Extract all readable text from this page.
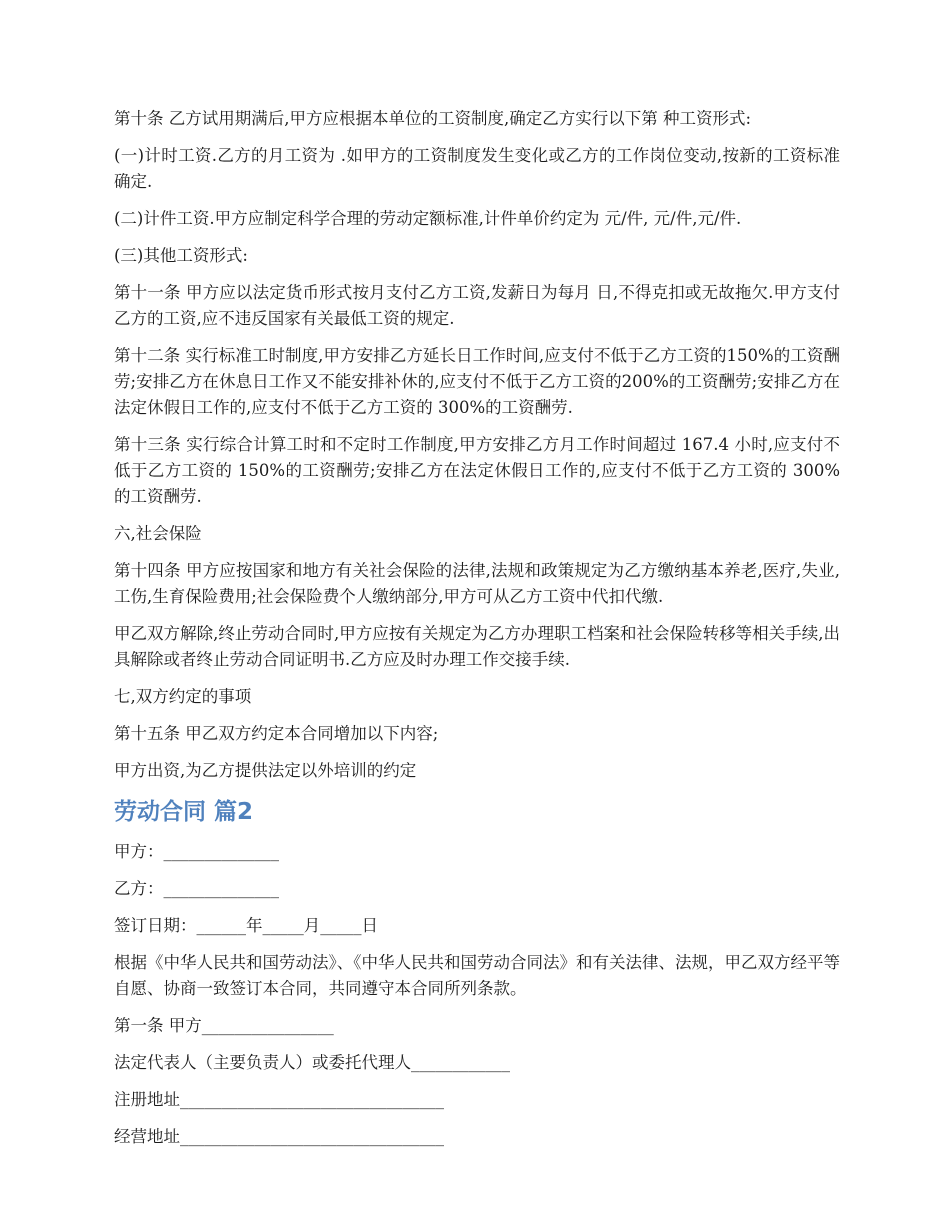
第十条 乙方试用期满后,甲方应根据本单位的工资制度,确定乙方实行以下第 种工资形式:

(一)计时工资.乙方的月工资为 .如甲方的工资制度发生变化或乙方的工作岗位变动,按新的工资标准确定.

(二)计件工资.甲方应制定科学合理的劳动定额标准,计件单价约定为 元/件, 元/件,元/件.

(三)其他工资形式:

第十一条 甲方应以法定货币形式按月支付乙方工资,发薪日为每月 日,不得克扣或无故拖欠.甲方支付乙方的工资,应不违反国家有关最低工资的规定.

第十二条 实行标准工时制度,甲方安排乙方延长日工作时间,应支付不低于乙方工资的150%的工资酬劳;安排乙方在休息日工作又不能安排补休的,应支付不低于乙方工资的200%的工资酬劳;安排乙方在法定休假日工作的,应支付不低于乙方工资的 300%的工资酬劳.

第十三条 实行综合计算工时和不定时工作制度,甲方安排乙方月工作时间超过 167.4 小时,应支付不低于乙方工资的 150%的工资酬劳;安排乙方在法定休假日工作的,应支付不低于乙方工资的 300%的工资酬劳.

六,社会保险

第十四条 甲方应按国家和地方有关社会保险的法律,法规和政策规定为乙方缴纳基本养老,医疗,失业,工伤,生育保险费用;社会保险费个人缴纳部分,甲方可从乙方工资中代扣代缴.

甲乙双方解除,终止劳动合同时,甲方应按有关规定为乙方办理职工档案和社会保险转移等相关手续,出具解除或者终止劳动合同证明书.乙方应及时办理工作交接手续.

七,双方约定的事项

第十五条 甲乙双方约定本合同增加以下内容;

甲方出资,为乙方提供法定以外培训的约定

劳动合同 篇2

甲方：______________

乙方：______________

签订日期：______年_____月_____日

根据《中华人民共和国劳动法》、《中华人民共和国劳动合同法》和有关法律、法规，甲乙双方经平等自愿、协商一致签订本合同，共同遵守本合同所列条款。

第一条 甲方________________

法定代表人（主要负责人）或委托代理人____________

注册地址________________________________

经营地址________________________________
